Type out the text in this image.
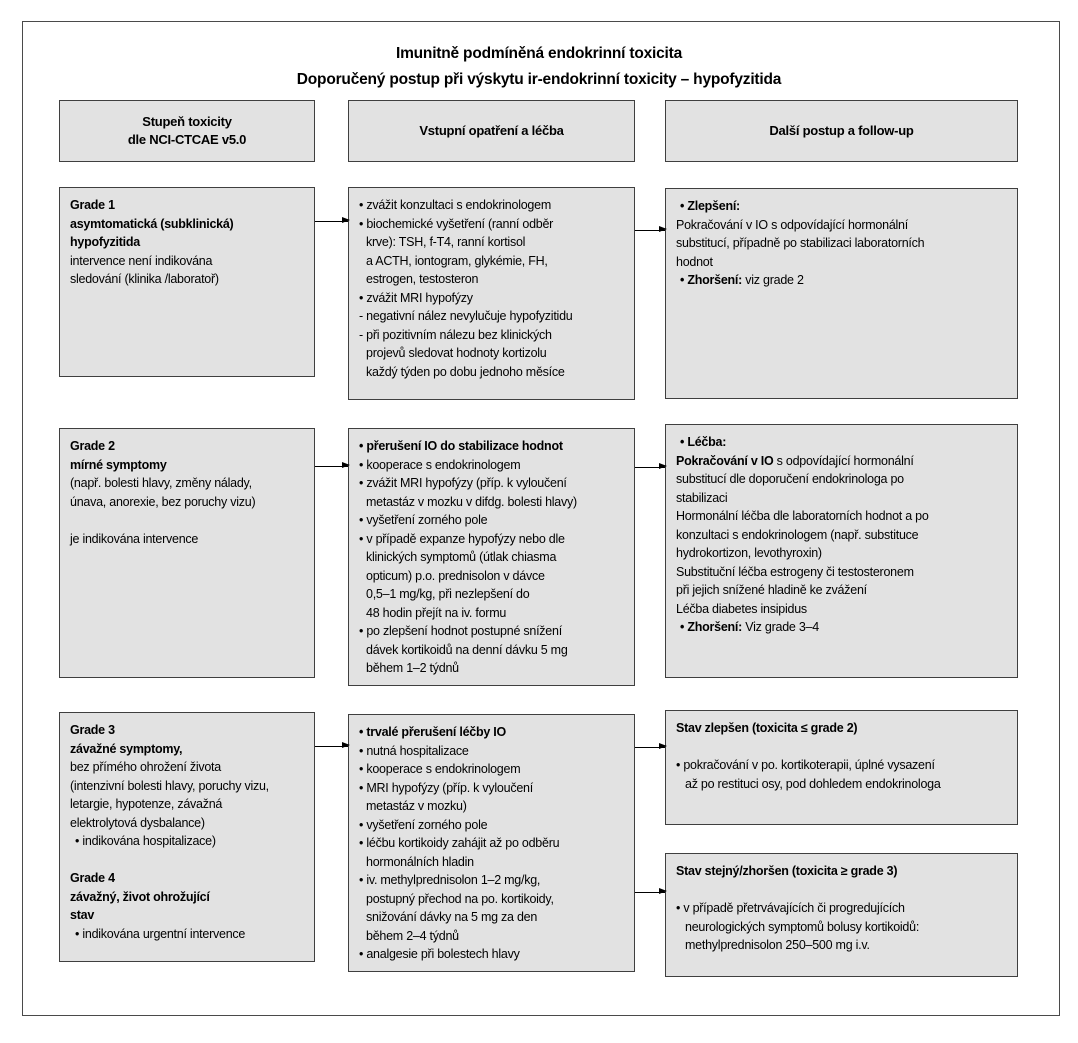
Imunitně podmíněná endokrinní toxicita
Doporučený postup při výskytu ir-endokrinní toxicity – hypofyzitida
Stupeň toxicity
dle NCI-CTCAE v5.0
Vstupní opatření a léčba	Další postup a follow-up
Grade 1
asymtomatická (subklinická)
hypofyzitida
intervence není indikována
sledování (klinika /laboratoř)
• zvážit konzultaci s endokrinologem
• biochemické vyšetření (ranní odběr
krve): TSH, f-T4, ranní kortisol
a ACTH, iontogram, glykémie, FH,
estrogen, testosteron
• zvážit MRI hypofýzy
- negativní nález nevylučuje hypofyzitidu
- při pozitivním nálezu bez klinických
projevů sledovat hodnoty kortizolu
každý týden po dobu jednoho měsíce
• Zlepšení:
Pokračování v IO s odpovídající hormonální
substitucí, případně po stabilizaci laboratorních
hodnot
• Zhoršení: viz grade 2
Grade 2
mírné symptomy
(např. bolesti hlavy, změny nálady,
únava, anorexie, bez poruchy vizu)

je indikována intervence
• přerušení IO do stabilizace hodnot
• kooperace s endokrinologem
• zvážit MRI hypofýzy (příp. k vyloučení
metastáz v mozku v difdg. bolesti hlavy)
• vyšetření zorného pole
• v případě expanze hypofýzy nebo dle
klinických symptomů (útlak chiasma
opticum) p.o. prednisolon v dávce
0,5–1 mg/kg, při nezlepšení do
48 hodin přejít na iv. formu
• po zlepšení hodnot postupné snížení
dávek kortikoidů na denní dávku 5 mg
během 1–2 týdnů
• Léčba:
Pokračování v IO s odpovídající hormonální
substitucí dle doporučení endokrinologa po
stabilizaci
Hormonální léčba dle laboratorních hodnot a po
konzultaci s endokrinologem (např. substituce
hydrokortizon, levothyroxin)
Substituční léčba estrogeny či testosteronem
při jejich snížené hladině ke zvážení
Léčba diabetes insipidus
• Zhoršení: Viz grade 3–4
Grade 3
závažné symptomy,
bez přímého ohrožení života
(intenzivní bolesti hlavy, poruchy vizu,
letargie, hypotenze, závažná
elektrolytová dysbalance)
• indikována hospitalizace)

Grade 4
závažný, život ohrožující
stav
• indikována urgentní intervence
• trvalé přerušení léčby IO
• nutná hospitalizace
• kooperace s endokrinologem
• MRI hypofýzy (příp. k vyloučení
metastáz v mozku)
• vyšetření zorného pole
• léčbu kortikoidy zahájit až po odběru
hormonálních hladin
• iv. methylprednisolon 1–2 mg/kg,
postupný přechod na po. kortikoidy,
snižování dávky na 5 mg za den
během 2–4 týdnů
• analgesie při bolestech hlavy
Stav zlepšen (toxicita ≤ grade 2)

• pokračování v po. kortikoterapii, úplné vysazení
až po restituci osy, pod dohledem endokrinologa
Stav stejný/zhoršen (toxicita ≥ grade 3)

• v případě přetrvávajících či progredujících
neurologických symptomů bolusy kortikoidů:
methylprednisolon 250–500 mg i.v.
